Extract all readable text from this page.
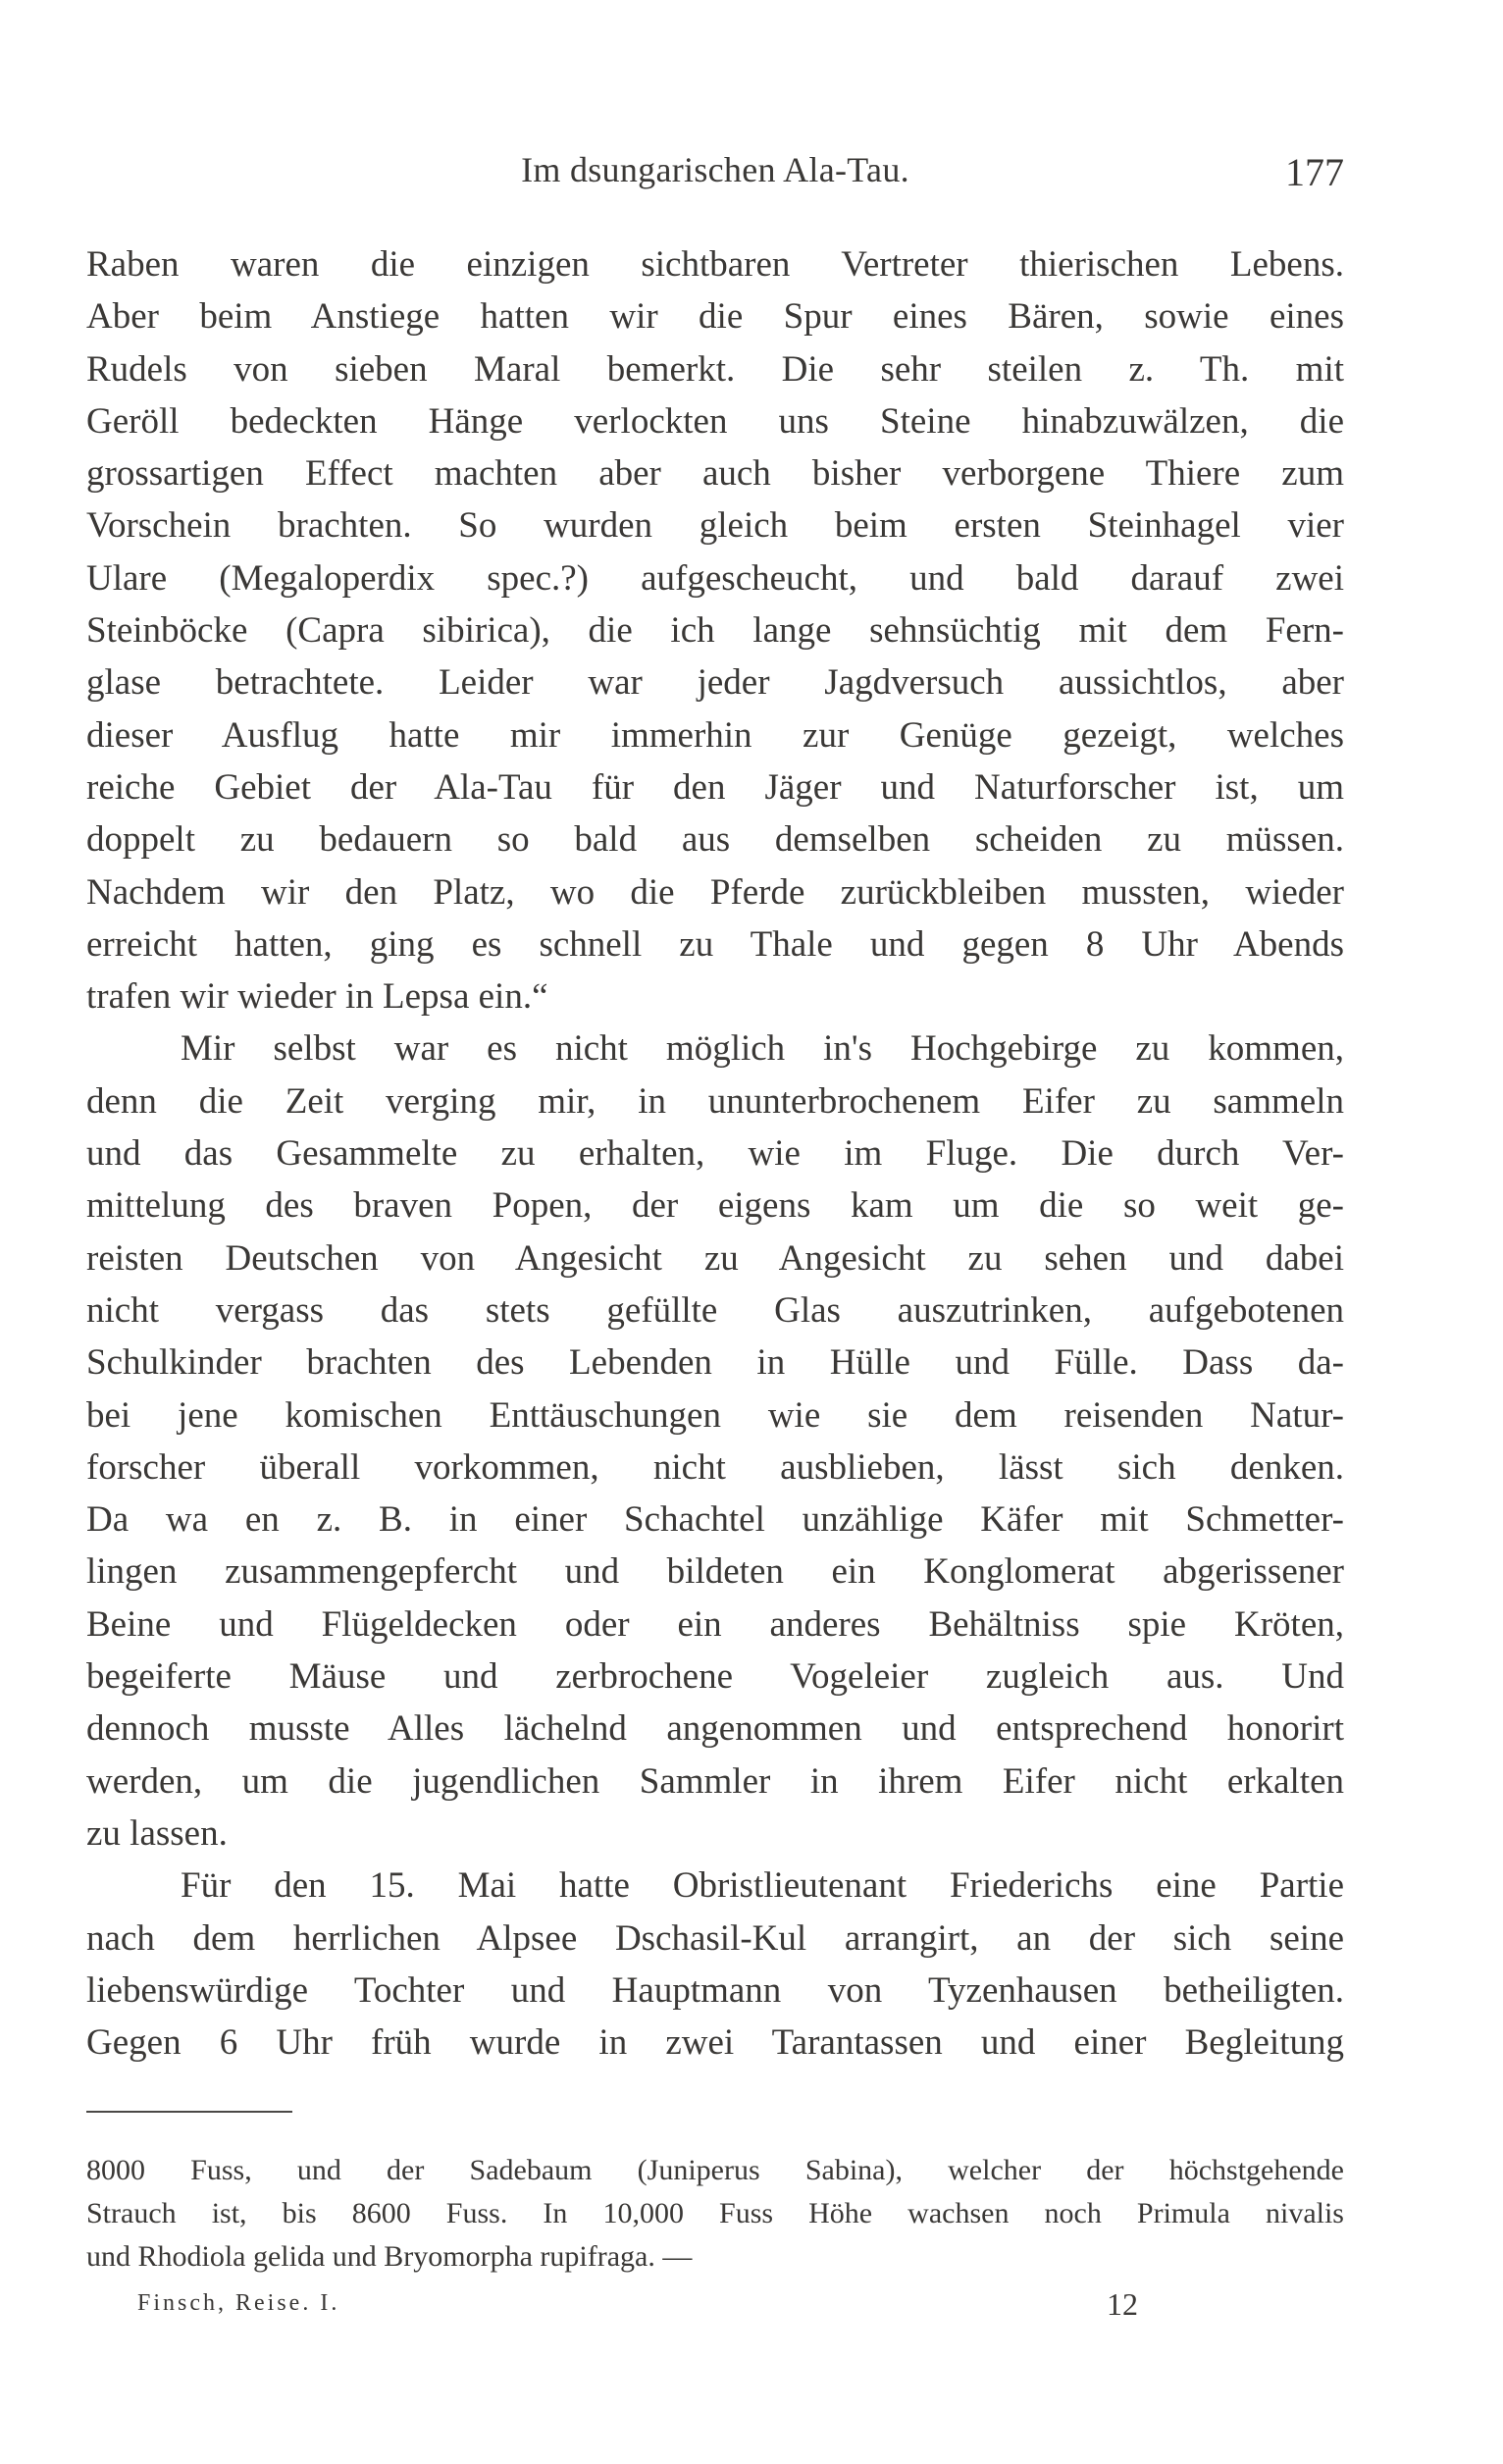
Im dsungarischen Ala-Tau.	177
Raben waren die einzigen sichtbaren Vertreter thierischen Lebens.
Aber beim Anstiege hatten wir die Spur eines Bären, sowie eines
Rudels von sieben Maral bemerkt. Die sehr steilen z. Th. mit
Geröll bedeckten Hänge verlockten uns Steine hinabzuwälzen, die
grossartigen Effect machten aber auch bisher verborgene Thiere zum
Vorschein brachten. So wurden gleich beim ersten Steinhagel vier
Ulare (Megaloperdix spec.?) aufgescheucht, und bald darauf zwei
Steinböcke (Capra sibirica), die ich lange sehnsüchtig mit dem Fern-
glase betrachtete. Leider war jeder Jagdversuch aussichtlos, aber
dieser Ausflug hatte mir immerhin zur Genüge gezeigt, welches
reiche Gebiet der Ala-Tau für den Jäger und Naturforscher ist, um
doppelt zu bedauern so bald aus demselben scheiden zu müssen.
Nachdem wir den Platz, wo die Pferde zurückbleiben mussten, wieder
erreicht hatten, ging es schnell zu Thale und gegen 8 Uhr Abends
trafen wir wieder in Lepsa ein.“
Mir selbst war es nicht möglich in's Hochgebirge zu kommen,
denn die Zeit verging mir, in ununterbrochenem Eifer zu sammeln
und das Gesammelte zu erhalten, wie im Fluge. Die durch Ver-
mittelung des braven Popen, der eigens kam um die so weit ge-
reisten Deutschen von Angesicht zu Angesicht zu sehen und dabei
nicht vergass das stets gefüllte Glas auszutrinken, aufgebotenen
Schulkinder brachten des Lebenden in Hülle und Fülle. Dass da-
bei jene komischen Enttäuschungen wie sie dem reisenden Natur-
forscher überall vorkommen, nicht ausblieben, lässt sich denken.
Da wa en z. B. in einer Schachtel unzählige Käfer mit Schmetter-
lingen zusammengepfercht und bildeten ein Konglomerat abgerissener
Beine und Flügeldecken oder ein anderes Behältniss spie Kröten,
begeiferte Mäuse und zerbrochene Vogeleier zugleich aus. Und
dennoch musste Alles lächelnd angenommen und entsprechend honorirt
werden, um die jugendlichen Sammler in ihrem Eifer nicht erkalten
zu lassen.
Für den 15. Mai hatte Obristlieutenant Friederichs eine Partie
nach dem herrlichen Alpsee Dschasil-Kul arrangirt, an der sich seine
liebenswürdige Tochter und Hauptmann von Tyzenhausen betheiligten.
Gegen 6 Uhr früh wurde in zwei Tarantassen und einer Begleitung
8000 Fuss, und der Sadebaum (Juniperus Sabina), welcher der höchstgehende
Strauch ist, bis 8600 Fuss. In 10,000 Fuss Höhe wachsen noch Primula nivalis
und Rhodiola gelida und Bryomorpha rupifraga. —
Finsch, Reise. I.	12
